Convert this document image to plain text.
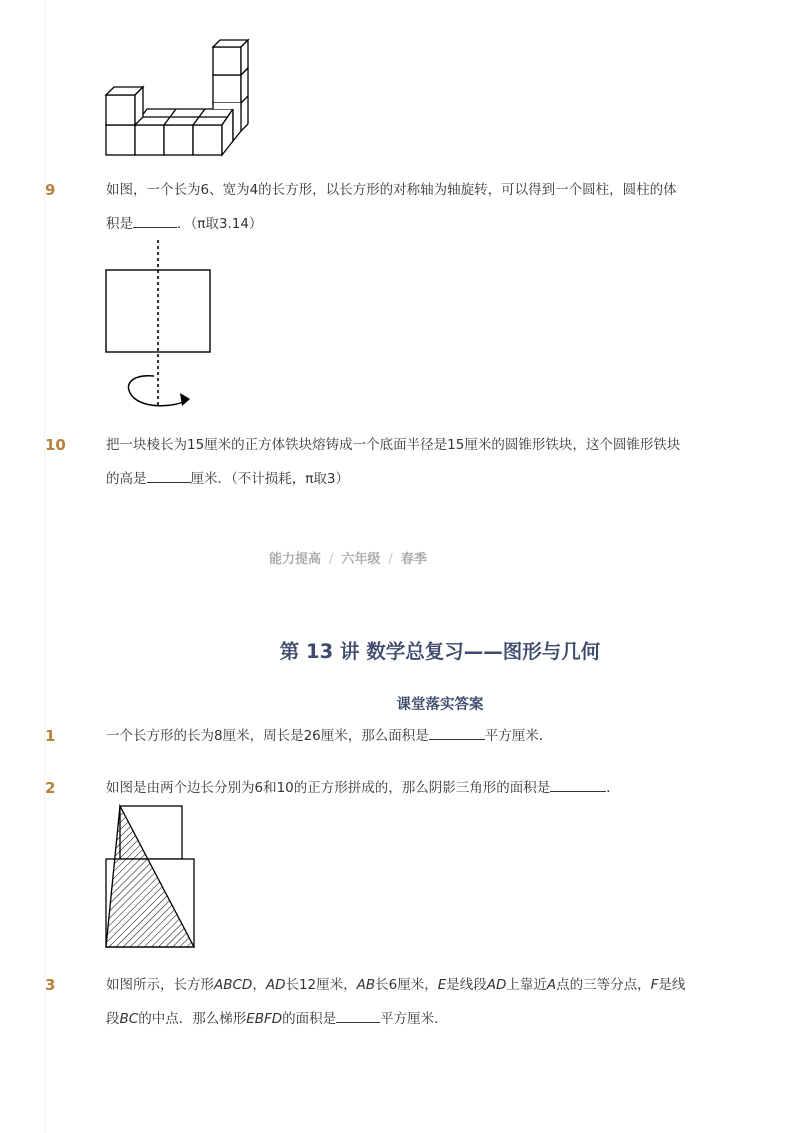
9	如图，一个长为6、宽为4的长方形，以长方形的对称轴为轴旋转，可以得到一个圆柱，圆柱的体
积是	．（π取3.14）
10	把一块棱长为15厘米的正方体铁块熔铸成一个底面半径是15厘米的圆锥形铁块，这个圆锥形铁块
的高是	厘米．（不计损耗，π取3）
能力提高 / 六年级 / 春季
第 13 讲 数学总复习——图形与几何
课堂落实答案
1	一个长方形的长为8厘米，周长是26厘米，那么面积是	平方厘米．
2	如图是由两个边长分别为6和10的正方形拼成的，那么阴影三角形的面积是	．
3	如图所示，长方形ABCD，AD长12厘米，AB长6厘米，E是线段AD上靠近A点的三等分点，F是线
段BC的中点．那么梯形EBFD的面积是	平方厘米．
